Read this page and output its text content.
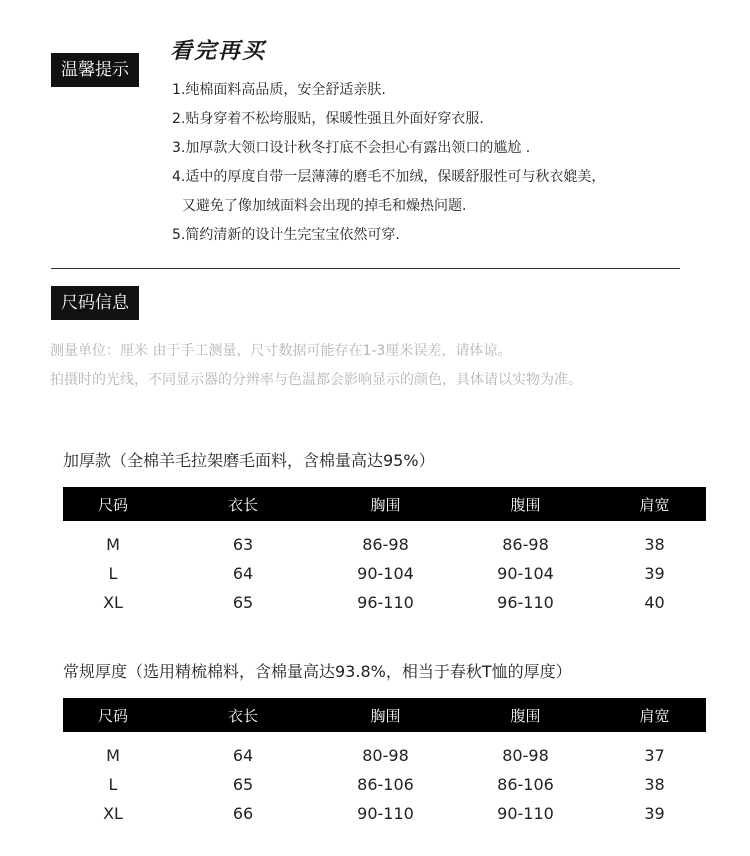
温馨提示
看完再买
1.纯棉面料高品质，安全舒适亲肤.
2.贴身穿着不松垮服贴，保暖性强且外面好穿衣服.
3.加厚款大领口设计秋冬打底不会担心有露出领口的尴尬 .
4.适中的厚度自带一层薄薄的磨毛不加绒，保暖舒服性可与秋衣媲美，
又避免了像加绒面料会出现的掉毛和燥热问题.
5.简约清新的设计生完宝宝依然可穿.
尺码信息
测量单位：厘米 由于手工测量，尺寸数据可能存在1-3厘米误差，请体谅。
拍摄时的光线，不同显示器的分辨率与色温都会影响显示的颜色，具体请以实物为准。
加厚款（全棉羊毛拉架磨毛面料，含棉量高达95%）
尺码	衣长	胸围	腹围	肩宽
M	63	86-98	86-98	38
L	64	90-104	90-104	39
XL	65	96-110	96-110	40
常规厚度（选用精梳棉料，含棉量高达93.8%，相当于春秋T恤的厚度）
尺码	衣长	胸围	腹围	肩宽
M	64	80-98	80-98	37
L	65	86-106	86-106	38
XL	66	90-110	90-110	39
